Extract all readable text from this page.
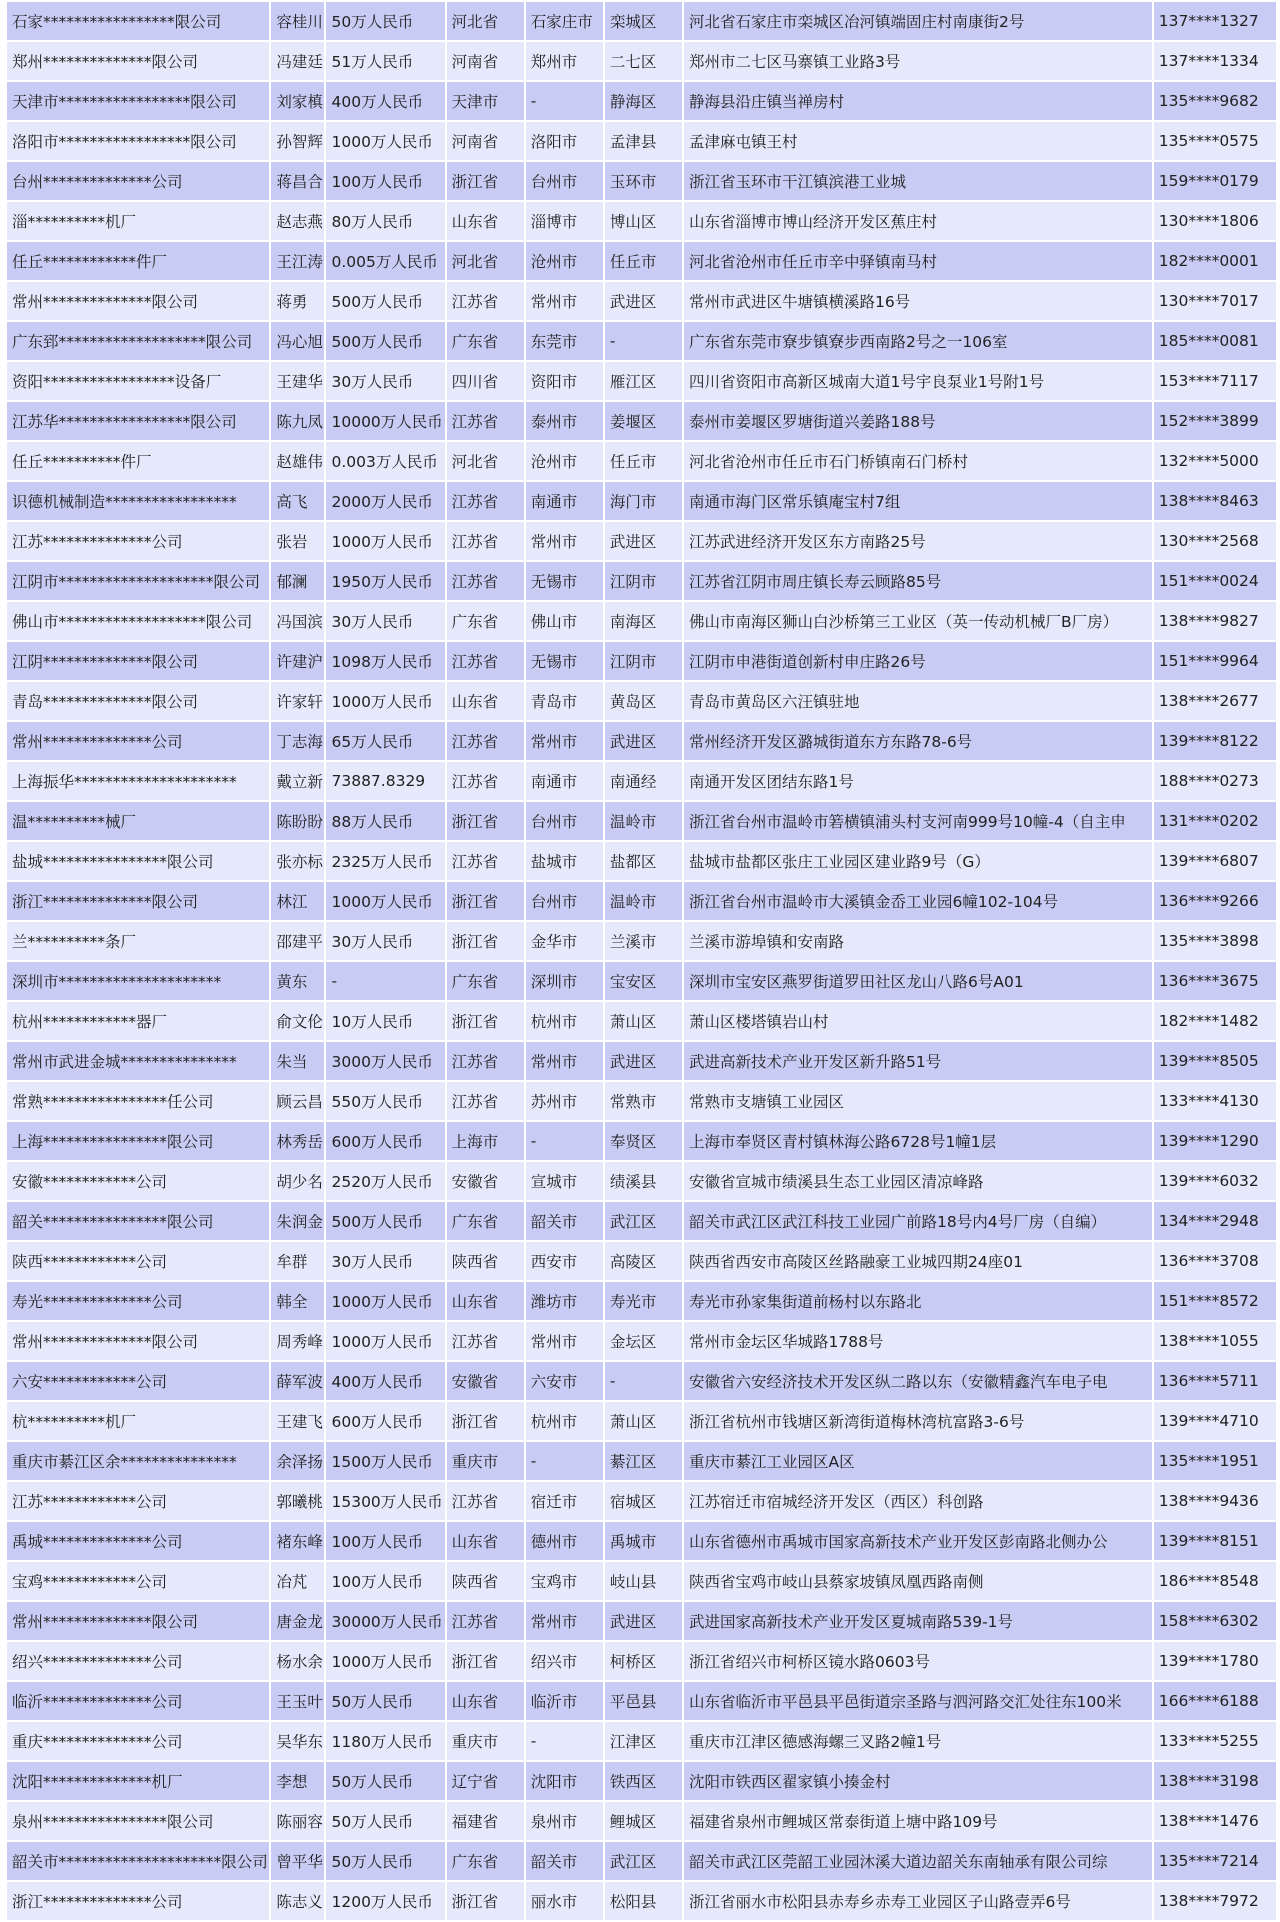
石家*****************限公司	容桂川	50万人民币	河北省	石家庄市	栾城区	河北省石家庄市栾城区冶河镇端固庄村南康街2号	137****1327
郑州**************限公司	冯建廷	51万人民币	河南省	郑州市	二七区	郑州市二七区马寨镇工业路3号	137****1334
天津市*****************限公司	刘家槙	400万人民币	天津市	-	静海区	静海县沿庄镇当禅房村	135****9682
洛阳市*****************限公司	孙智辉	1000万人民币	河南省	洛阳市	孟津县	孟津麻屯镇王村	135****0575
台州**************公司	蒋昌合	100万人民币	浙江省	台州市	玉环市	浙江省玉环市干江镇滨港工业城	159****0179
淄**********机厂	赵志燕	80万人民币	山东省	淄博市	博山区	山东省淄博市博山经济开发区蕉庄村	130****1806
任丘************件厂	王江涛	0.005万人民币	河北省	沧州市	任丘市	河北省沧州市任丘市辛中驿镇南马村	182****0001
常州**************限公司	蒋勇	500万人民币	江苏省	常州市	武进区	常州市武进区牛塘镇横溪路16号	130****7017
广东郅*******************限公司	冯心旭	500万人民币	广东省	东莞市	-	广东省东莞市寮步镇寮步西南路2号之一106室	185****0081
资阳*****************设备厂	王建华	30万人民币	四川省	资阳市	雁江区	四川省资阳市高新区城南大道1号宇良泵业1号附1号	153****7117
江苏华*****************限公司	陈九凤	10000万人民币	江苏省	泰州市	姜堰区	泰州市姜堰区罗塘街道兴姜路188号	152****3899
任丘**********件厂	赵雄伟	0.003万人民币	河北省	沧州市	任丘市	河北省沧州市任丘市石门桥镇南石门桥村	132****5000
识德机械制造*****************	高飞	2000万人民币	江苏省	南通市	海门市	南通市海门区常乐镇庵宝村7组	138****8463
江苏**************公司	张岩	1000万人民币	江苏省	常州市	武进区	江苏武进经济开发区东方南路25号	130****2568
江阴市********************限公司	郁澜	1950万人民币	江苏省	无锡市	江阴市	江苏省江阴市周庄镇长寿云顾路85号	151****0024
佛山市*******************限公司	冯国滨	30万人民币	广东省	佛山市	南海区	佛山市南海区狮山白沙桥第三工业区（英一传动机械厂B厂房）	138****9827
江阴**************限公司	许建沪	1098万人民币	江苏省	无锡市	江阴市	江阴市申港街道创新村申庄路26号	151****9964
青岛**************限公司	许家轩	1000万人民币	山东省	青岛市	黄岛区	青岛市黄岛区六汪镇驻地	138****2677
常州**************公司	丁志海	65万人民币	江苏省	常州市	武进区	常州经济开发区潞城街道东方东路78-6号	139****8122
上海振华*********************	戴立新	73887.8329	江苏省	南通市	南通经	南通开发区团结东路1号	188****0273
温**********械厂	陈盼盼	88万人民币	浙江省	台州市	温岭市	浙江省台州市温岭市箬横镇浦头村支河南999号10幢-4（自主申	131****0202
盐城****************限公司	张亦标	2325万人民币	江苏省	盐城市	盐都区	盐城市盐都区张庄工业园区建业路9号（G）	139****6807
浙江**************限公司	林江	1000万人民币	浙江省	台州市	温岭市	浙江省台州市温岭市大溪镇金岙工业园6幢102-104号	136****9266
兰**********条厂	邵建平	30万人民币	浙江省	金华市	兰溪市	兰溪市游埠镇和安南路	135****3898
深圳市*********************	黄东	-	广东省	深圳市	宝安区	深圳市宝安区燕罗街道罗田社区龙山八路6号A01	136****3675
杭州************器厂	俞文伦	10万人民币	浙江省	杭州市	萧山区	萧山区楼塔镇岩山村	182****1482
常州市武进金城***************	朱当	3000万人民币	江苏省	常州市	武进区	武进高新技术产业开发区新升路51号	139****8505
常熟****************任公司	顾云昌	550万人民币	江苏省	苏州市	常熟市	常熟市支塘镇工业园区	133****4130
上海****************限公司	林秀岳	600万人民币	上海市	-	奉贤区	上海市奉贤区青村镇林海公路6728号1幢1层	139****1290
安徽************公司	胡少名	2520万人民币	安徽省	宣城市	绩溪县	安徽省宣城市绩溪县生态工业园区清凉峰路	139****6032
韶关****************限公司	朱润金	500万人民币	广东省	韶关市	武江区	韶关市武江区武江科技工业园广前路18号内4号厂房（自编）	134****2948
陕西************公司	牟群	30万人民币	陕西省	西安市	高陵区	陕西省西安市高陵区丝路融豪工业城四期24座01	136****3708
寿光**************公司	韩全	1000万人民币	山东省	潍坊市	寿光市	寿光市孙家集街道前杨村以东路北	151****8572
常州**************限公司	周秀峰	1000万人民币	江苏省	常州市	金坛区	常州市金坛区华城路1788号	138****1055
六安************公司	薛军波	400万人民币	安徽省	六安市	-	安徽省六安经济技术开发区纵二路以东（安徽精鑫汽车电子电	136****5711
杭**********机厂	王建飞	600万人民币	浙江省	杭州市	萧山区	浙江省杭州市钱塘区新湾街道梅林湾杭富路3-6号	139****4710
重庆市綦江区余***************	余泽扬	1500万人民币	重庆市	-	綦江区	重庆市綦江工业园区A区	135****1951
江苏************公司	郭曦桃	15300万人民币	江苏省	宿迁市	宿城区	江苏宿迁市宿城经济开发区（西区）科创路	138****9436
禹城**************公司	褚东峰	100万人民币	山东省	德州市	禹城市	山东省德州市禹城市国家高新技术产业开发区彭南路北侧办公	139****8151
宝鸡************公司	冶芃	100万人民币	陕西省	宝鸡市	岐山县	陕西省宝鸡市岐山县蔡家坡镇凤凰西路南侧	186****8548
常州**************限公司	唐金龙	30000万人民币	江苏省	常州市	武进区	武进国家高新技术产业开发区夏城南路539-1号	158****6302
绍兴**************公司	杨水余	1000万人民币	浙江省	绍兴市	柯桥区	浙江省绍兴市柯桥区镜水路0603号	139****1780
临沂**************公司	王玉叶	50万人民币	山东省	临沂市	平邑县	山东省临沂市平邑县平邑街道宗圣路与泗河路交汇处往东100米	166****6188
重庆**************公司	吴华东	1180万人民币	重庆市	-	江津区	重庆市江津区德感海螺三叉路2幢1号	133****5255
沈阳**************机厂	李想	50万人民币	辽宁省	沈阳市	铁西区	沈阳市铁西区翟家镇小揍金村	138****3198
泉州****************限公司	陈丽容	50万人民币	福建省	泉州市	鲤城区	福建省泉州市鲤城区常泰街道上塘中路109号	138****1476
韶关市*********************限公司	曾平华	50万人民币	广东省	韶关市	武江区	韶关市武江区莞韶工业园沐溪大道边韶关东南轴承有限公司综	135****7214
浙江**************公司	陈志义	1200万人民币	浙江省	丽水市	松阳县	浙江省丽水市松阳县赤寿乡赤寿工业园区子山路壹弄6号	138****7972
